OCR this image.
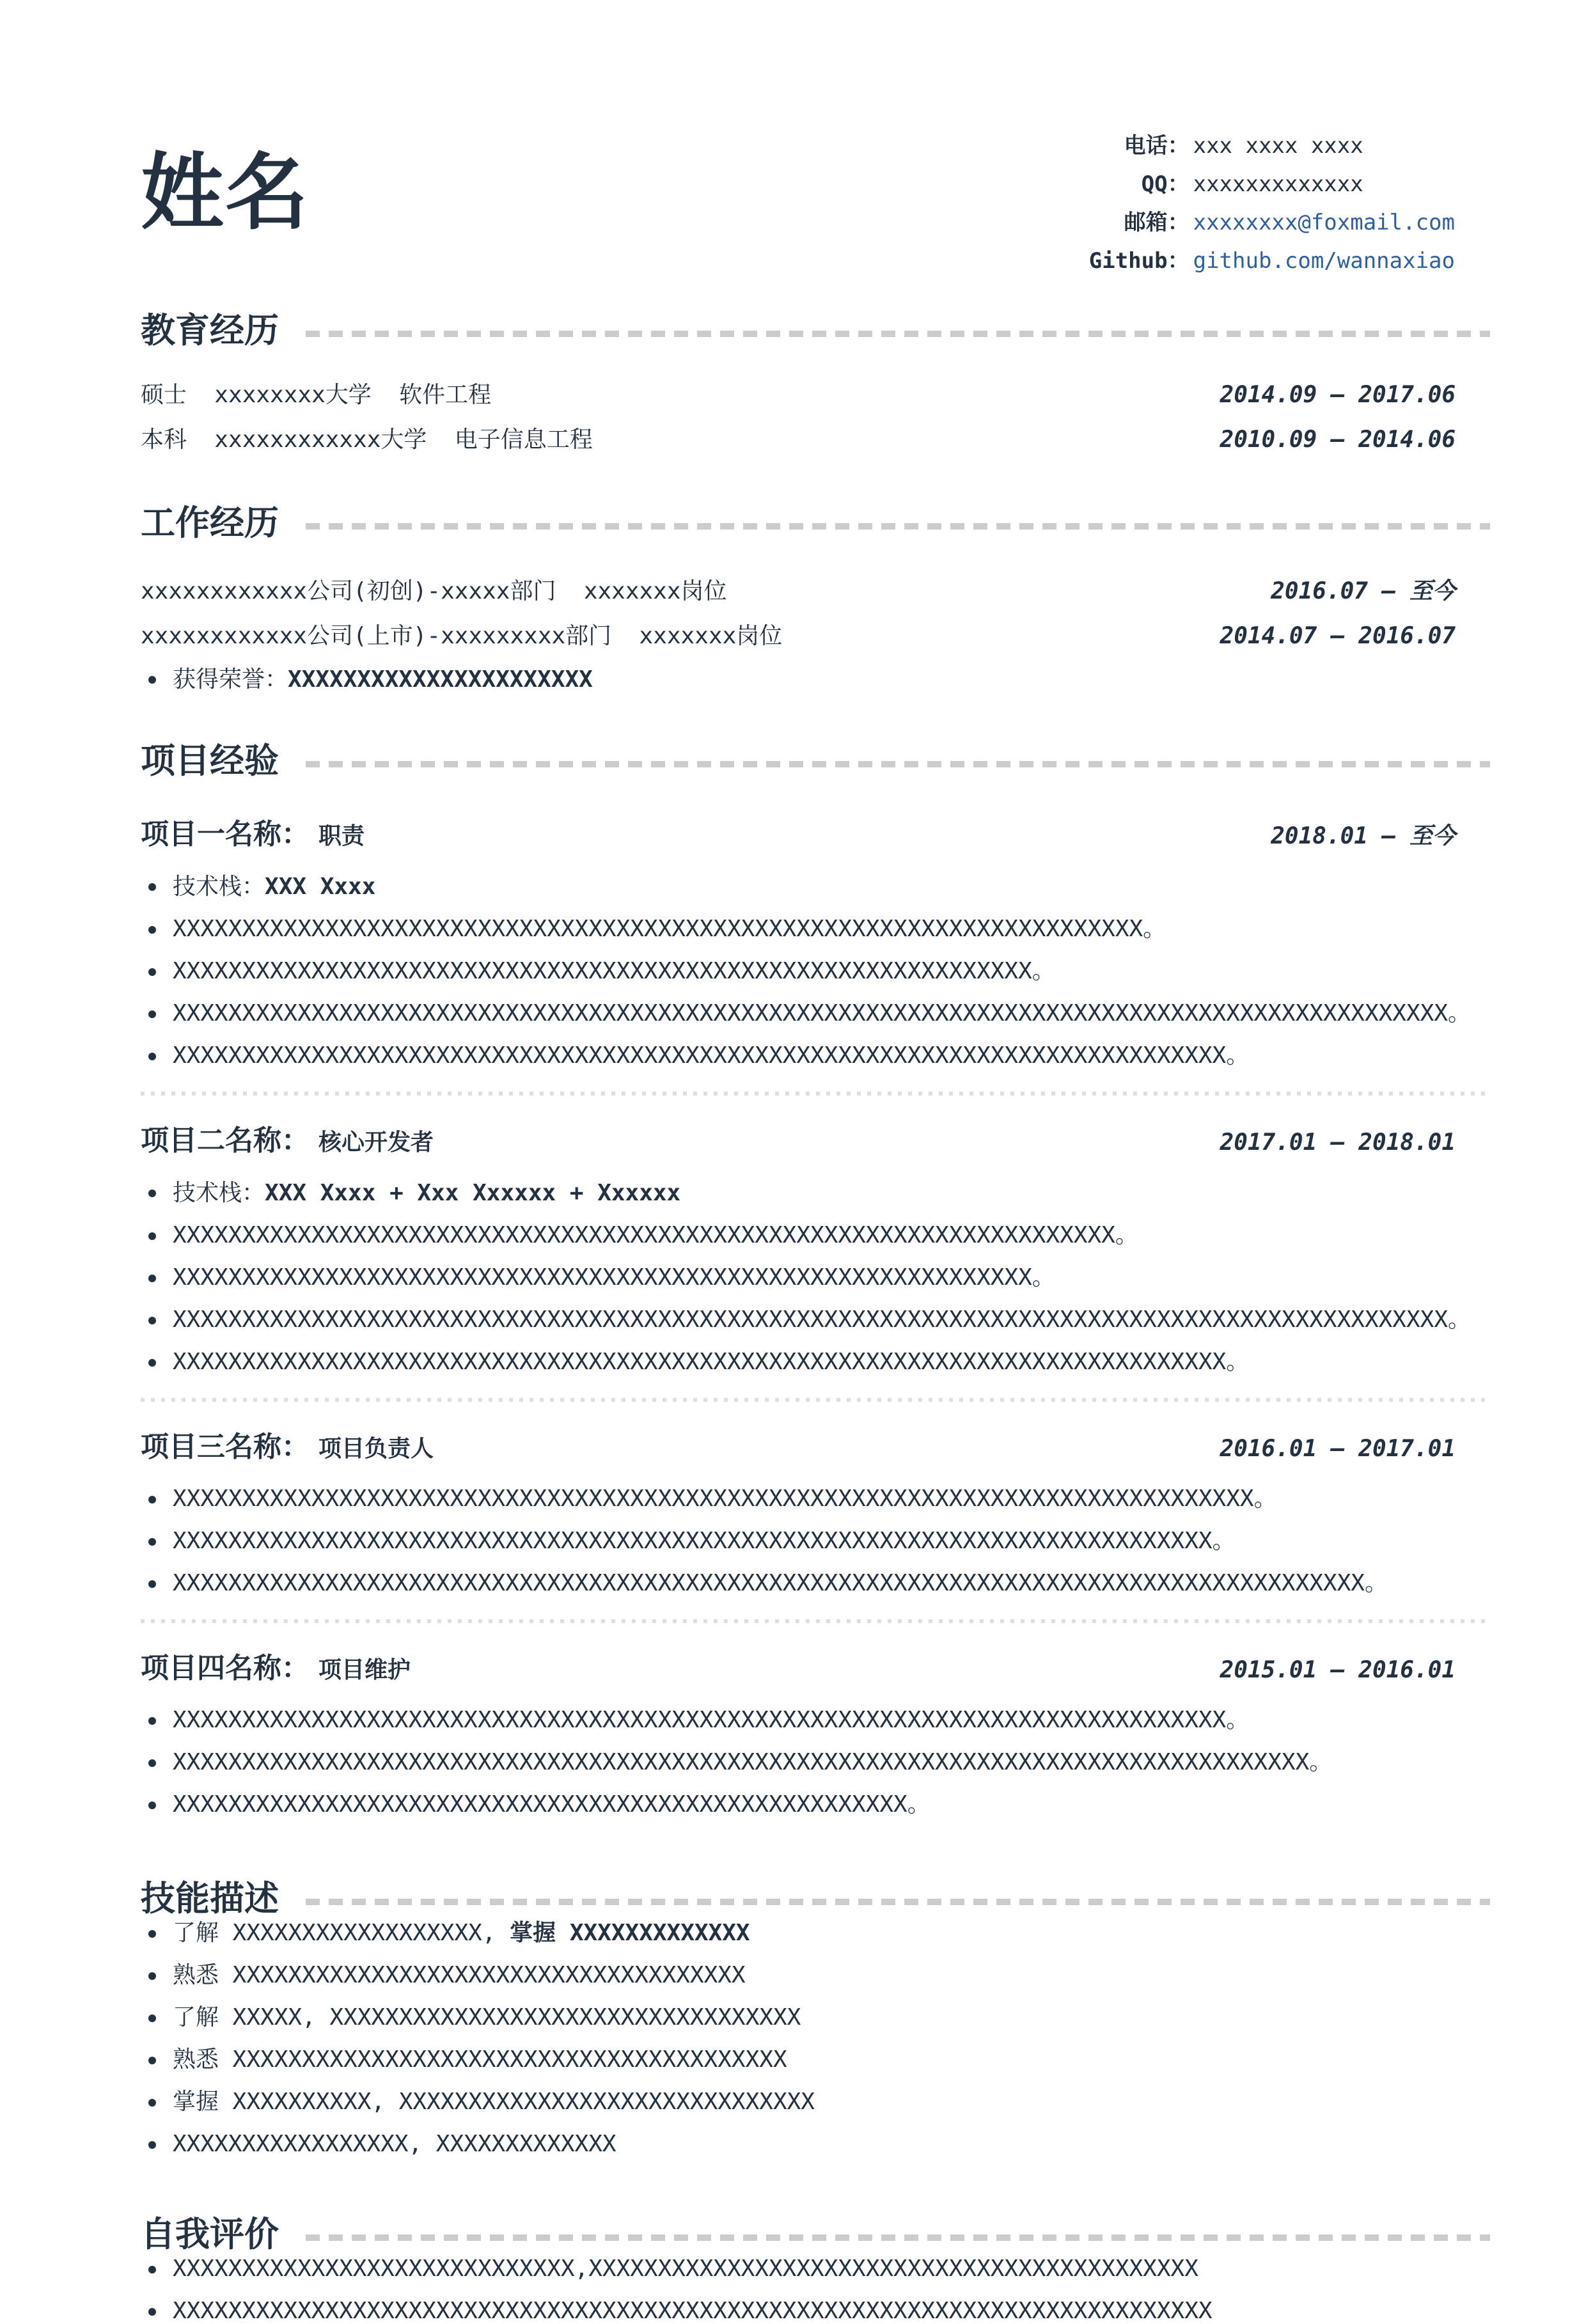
姓名	电话 ： xxx xxxx xxxx
QQ ： xxxxxxxxxxxxx
邮箱 ： xxxxxxxx@foxmail.com
Github ： github.com/wannaxiao
教育经历
硕士  xxxxxxxx大学  软件工程	2014.09 – 2017.06
本科  xxxxxxxxxxxx大学  电子信息工程	2010.09 – 2014.06
工作经历
xxxxxxxxxxxx公司(初创)-xxxxx部门  xxxxxxx岗位	2016.07 – 至今
xxxxxxxxxxxx公司(上市)-xxxxxxxxx部门  xxxxxxx岗位	2014.07 – 2016.07
获得荣誉：XXXXXXXXXXXXXXXXXXXXXX
项目经验
项目一名称： 职责	2018.01 – 至今
技术栈：XXX Xxxx
XXXXXXXXXXXXXXXXXXXXXXXXXXXXXXXXXXXXXXXXXXXXXXXXXXXXXXXXXXXXXXXXXXXXXX。
XXXXXXXXXXXXXXXXXXXXXXXXXXXXXXXXXXXXXXXXXXXXXXXXXXXXXXXXXXXXXX。
XXXXXXXXXXXXXXXXXXXXXXXXXXXXXXXXXXXXXXXXXXXXXXXXXXXXXXXXXXXXXXXXXXXXXXXXXXXXXXXXXXXXXXXXXXXX。
XXXXXXXXXXXXXXXXXXXXXXXXXXXXXXXXXXXXXXXXXXXXXXXXXXXXXXXXXXXXXXXXXXXXXXXXXXXX。
项目二名称： 核心开发者	2017.01 – 2018.01
技术栈：XXX Xxxx + Xxx Xxxxxx + Xxxxxx
XXXXXXXXXXXXXXXXXXXXXXXXXXXXXXXXXXXXXXXXXXXXXXXXXXXXXXXXXXXXXXXXXXXX。
XXXXXXXXXXXXXXXXXXXXXXXXXXXXXXXXXXXXXXXXXXXXXXXXXXXXXXXXXXXXXX。
XXXXXXXXXXXXXXXXXXXXXXXXXXXXXXXXXXXXXXXXXXXXXXXXXXXXXXXXXXXXXXXXXXXXXXXXXXXXXXXXXXXXXXXXXXXX。
XXXXXXXXXXXXXXXXXXXXXXXXXXXXXXXXXXXXXXXXXXXXXXXXXXXXXXXXXXXXXXXXXXXXXXXXXXXX。
项目三名称： 项目负责人	2016.01 – 2017.01
XXXXXXXXXXXXXXXXXXXXXXXXXXXXXXXXXXXXXXXXXXXXXXXXXXXXXXXXXXXXXXXXXXXXXXXXXXXXXX。
XXXXXXXXXXXXXXXXXXXXXXXXXXXXXXXXXXXXXXXXXXXXXXXXXXXXXXXXXXXXXXXXXXXXXXXXXXX。
XXXXXXXXXXXXXXXXXXXXXXXXXXXXXXXXXXXXXXXXXXXXXXXXXXXXXXXXXXXXXXXXXXXXXXXXXXXXXXXXXXXXXX。
项目四名称： 项目维护	2015.01 – 2016.01
XXXXXXXXXXXXXXXXXXXXXXXXXXXXXXXXXXXXXXXXXXXXXXXXXXXXXXXXXXXXXXXXXXXXXXXXXXXX。
XXXXXXXXXXXXXXXXXXXXXXXXXXXXXXXXXXXXXXXXXXXXXXXXXXXXXXXXXXXXXXXXXXXXXXXXXXXXXXXXXX。
XXXXXXXXXXXXXXXXXXXXXXXXXXXXXXXXXXXXXXXXXXXXXXXXXXXXX。
技能描述
了解 XXXXXXXXXXXXXXXXXX, 掌握 XXXXXXXXXXXXX
熟悉 XXXXXXXXXXXXXXXXXXXXXXXXXXXXXXXXXXXXX
了解 XXXXX, XXXXXXXXXXXXXXXXXXXXXXXXXXXXXXXXXX
熟悉 XXXXXXXXXXXXXXXXXXXXXXXXXXXXXXXXXXXXXXXX
掌握 XXXXXXXXXX, XXXXXXXXXXXXXXXXXXXXXXXXXXXXXX
XXXXXXXXXXXXXXXXX, XXXXXXXXXXXXX
自我评价
XXXXXXXXXXXXXXXXXXXXXXXXXXXXX,XXXXXXXXXXXXXXXXXXXXXXXXXXXXXXXXXXXXXXXXXXXX
XXXXXXXXXXXXXXXXXXXXXXXXXXXXXXXXXXXXXXXXXXXXXXXXXXXXXXXXXXXXXXXXXXXXXXXXXXX
